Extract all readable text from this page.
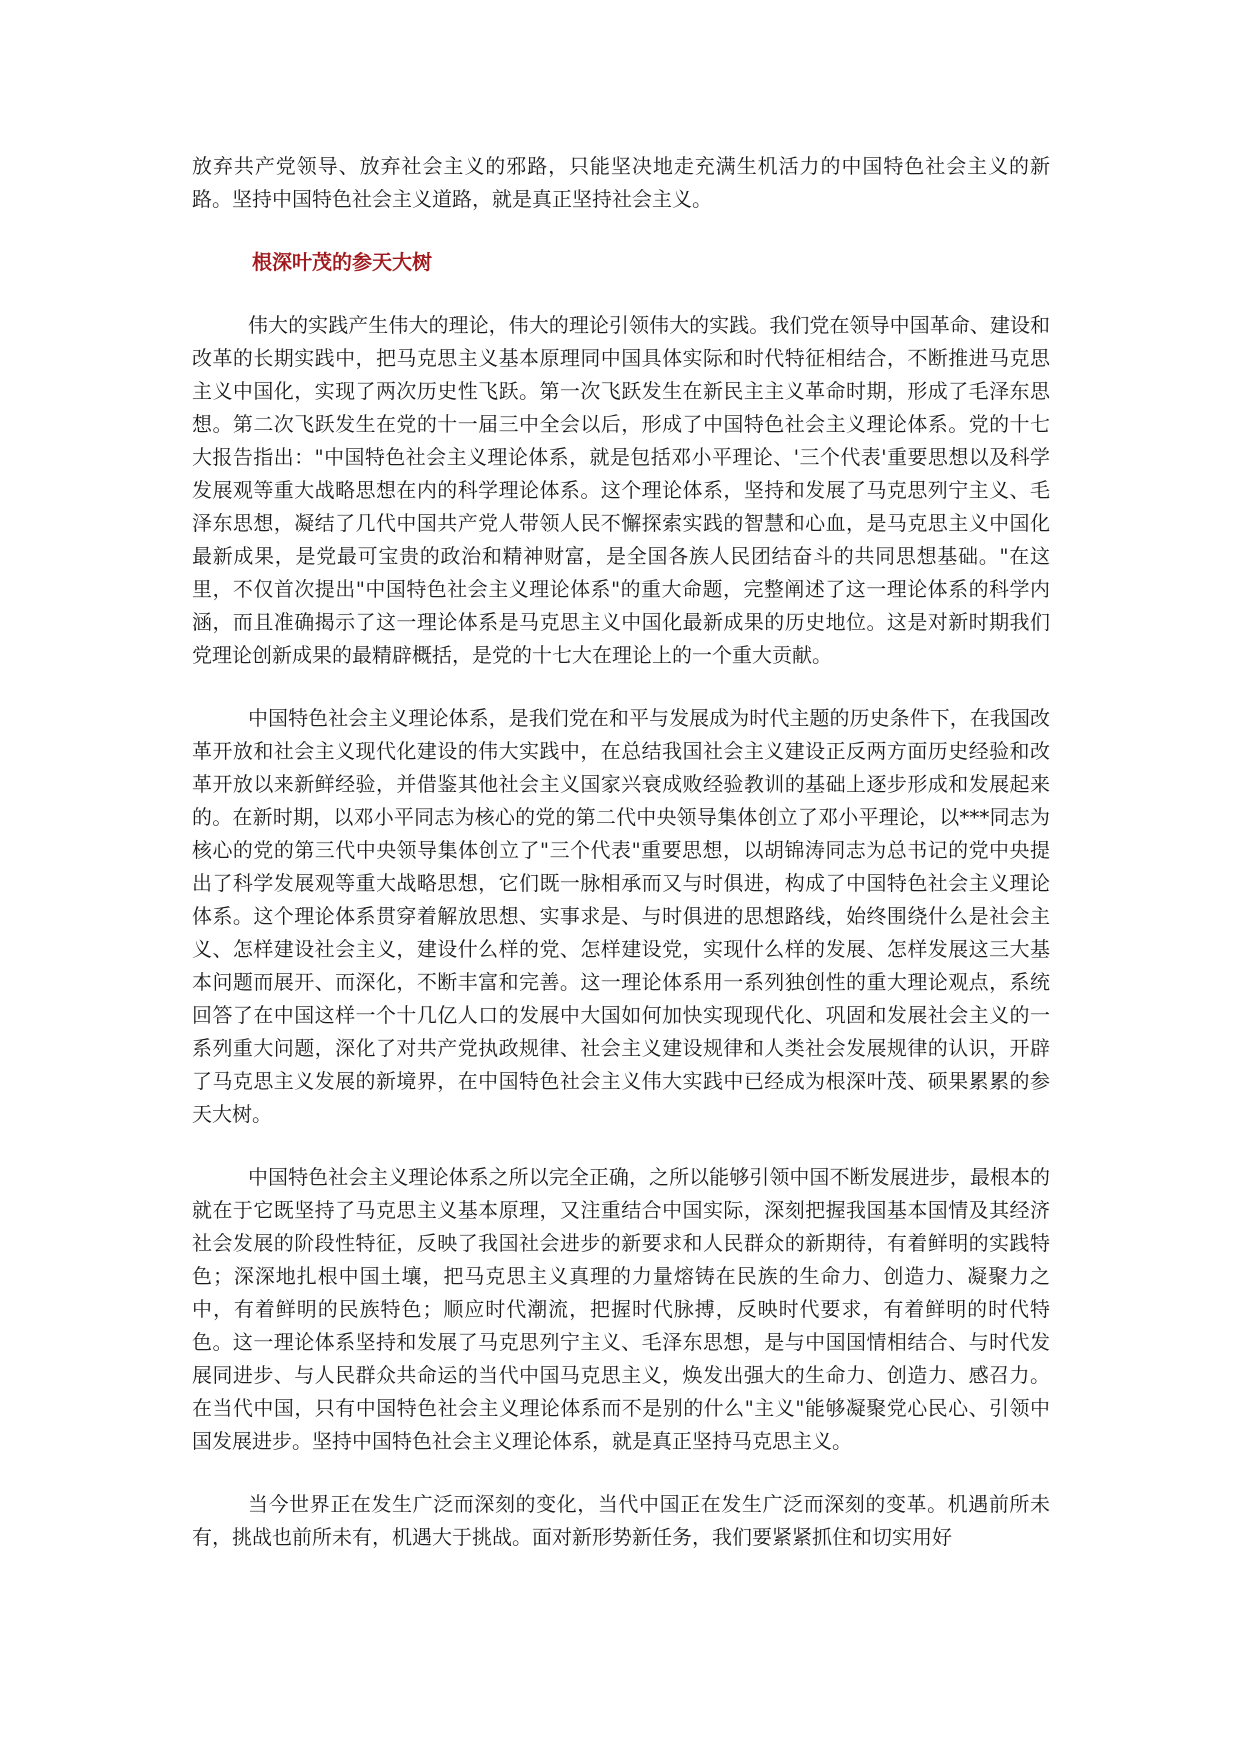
放弃共产党领导、放弃社会主义的邪路，只能坚决地走充满生机活力的中国特色社会主义的新路。坚持中国特色社会主义道路，就是真正坚持社会主义。

根深叶茂的参天大树

伟大的实践产生伟大的理论，伟大的理论引领伟大的实践。我们党在领导中国革命、建设和改革的长期实践中，把马克思主义基本原理同中国具体实际和时代特征相结合，不断推进马克思主义中国化，实现了两次历史性飞跃。第一次飞跃发生在新民主主义革命时期，形成了毛泽东思想。第二次飞跃发生在党的十一届三中全会以后，形成了中国特色社会主义理论体系。党的十七大报告指出："中国特色社会主义理论体系，就是包括邓小平理论、'三个代表'重要思想以及科学发展观等重大战略思想在内的科学理论体系。这个理论体系，坚持和发展了马克思列宁主义、毛泽东思想，凝结了几代中国共产党人带领人民不懈探索实践的智慧和心血，是马克思主义中国化最新成果，是党最可宝贵的政治和精神财富，是全国各族人民团结奋斗的共同思想基础。"在这里，不仅首次提出"中国特色社会主义理论体系"的重大命题，完整阐述了这一理论体系的科学内涵，而且准确揭示了这一理论体系是马克思主义中国化最新成果的历史地位。这是对新时期我们党理论创新成果的最精辟概括，是党的十七大在理论上的一个重大贡献。

中国特色社会主义理论体系，是我们党在和平与发展成为时代主题的历史条件下，在我国改革开放和社会主义现代化建设的伟大实践中，在总结我国社会主义建设正反两方面历史经验和改革开放以来新鲜经验，并借鉴其他社会主义国家兴衰成败经验教训的基础上逐步形成和发展起来的。在新时期，以邓小平同志为核心的党的第二代中央领导集体创立了邓小平理论，以***同志为核心的党的第三代中央领导集体创立了"三个代表"重要思想，以胡锦涛同志为总书记的党中央提出了科学发展观等重大战略思想，它们既一脉相承而又与时俱进，构成了中国特色社会主义理论体系。这个理论体系贯穿着解放思想、实事求是、与时俱进的思想路线，始终围绕什么是社会主义、怎样建设社会主义，建设什么样的党、怎样建设党，实现什么样的发展、怎样发展这三大基本问题而展开、而深化，不断丰富和完善。这一理论体系用一系列独创性的重大理论观点，系统回答了在中国这样一个十几亿人口的发展中大国如何加快实现现代化、巩固和发展社会主义的一系列重大问题，深化了对共产党执政规律、社会主义建设规律和人类社会发展规律的认识，开辟了马克思主义发展的新境界，在中国特色社会主义伟大实践中已经成为根深叶茂、硕果累累的参天大树。

中国特色社会主义理论体系之所以完全正确，之所以能够引领中国不断发展进步，最根本的就在于它既坚持了马克思主义基本原理，又注重结合中国实际，深刻把握我国基本国情及其经济社会发展的阶段性特征，反映了我国社会进步的新要求和人民群众的新期待，有着鲜明的实践特色；深深地扎根中国土壤，把马克思主义真理的力量熔铸在民族的生命力、创造力、凝聚力之中，有着鲜明的民族特色；顺应时代潮流，把握时代脉搏，反映时代要求，有着鲜明的时代特色。这一理论体系坚持和发展了马克思列宁主义、毛泽东思想，是与中国国情相结合、与时代发展同进步、与人民群众共命运的当代中国马克思主义，焕发出强大的生命力、创造力、感召力。在当代中国，只有中国特色社会主义理论体系而不是别的什么"主义"能够凝聚党心民心、引领中国发展进步。坚持中国特色社会主义理论体系，就是真正坚持马克思主义。

当今世界正在发生广泛而深刻的变化，当代中国正在发生广泛而深刻的变革。机遇前所未有，挑战也前所未有，机遇大于挑战。面对新形势新任务，我们要紧紧抓住和切实用好
